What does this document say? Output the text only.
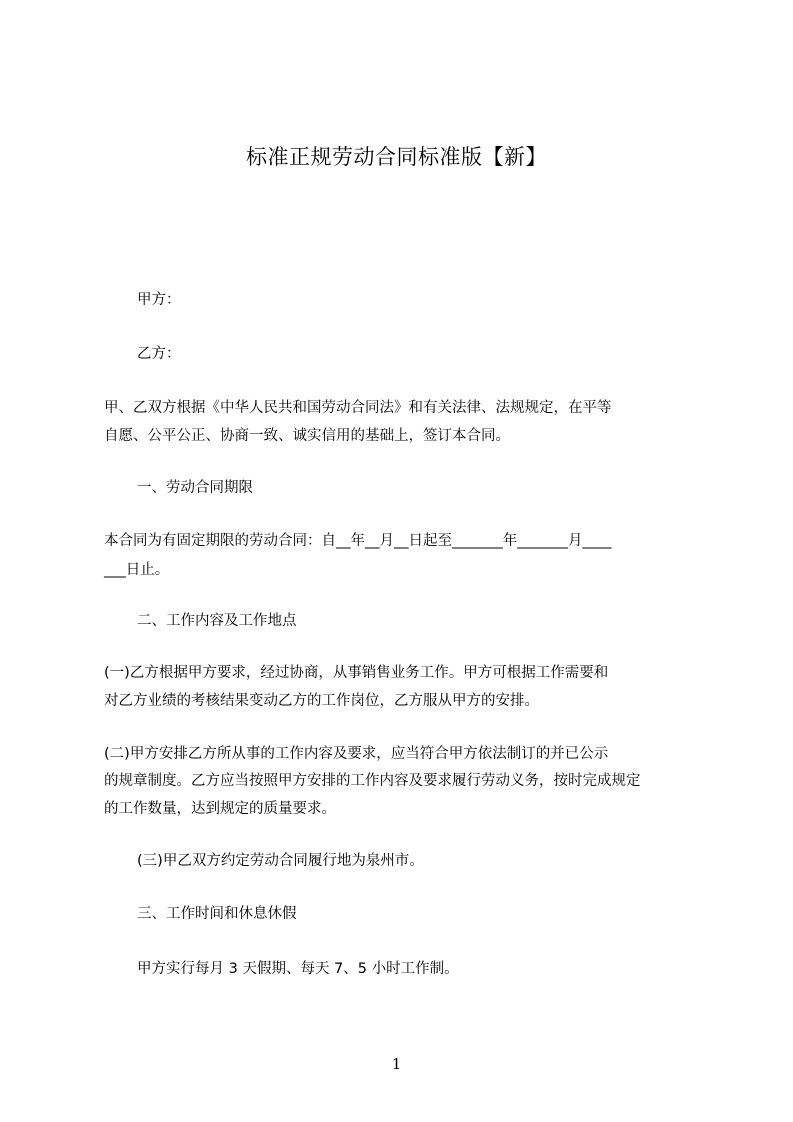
标准正规劳动合同标准版【新】
甲方：
乙方：
甲、乙双方根据《中华人民共和国劳动合同法》和有关法律、法规规定，在平等
自愿、公平公正、协商一致、诚实信用的基础上，签订本合同。
一、劳动合同期限
本合同为有固定期限的劳动合同：自__年__月__日起至_______年_______月____
___日止。
二、工作内容及工作地点
(一)乙方根据甲方要求，经过协商，从事销售业务工作。甲方可根据工作需要和
对乙方业绩的考核结果变动乙方的工作岗位，乙方服从甲方的安排。
(二)甲方安排乙方所从事的工作内容及要求，应当符合甲方依法制订的并已公示
的规章制度。乙方应当按照甲方安排的工作内容及要求履行劳动义务，按时完成规定
的工作数量，达到规定的质量要求。
(三)甲乙双方约定劳动合同履行地为泉州市。
三、工作时间和休息休假
甲方实行每月 3 天假期、每天 7、5 小时工作制。
1
